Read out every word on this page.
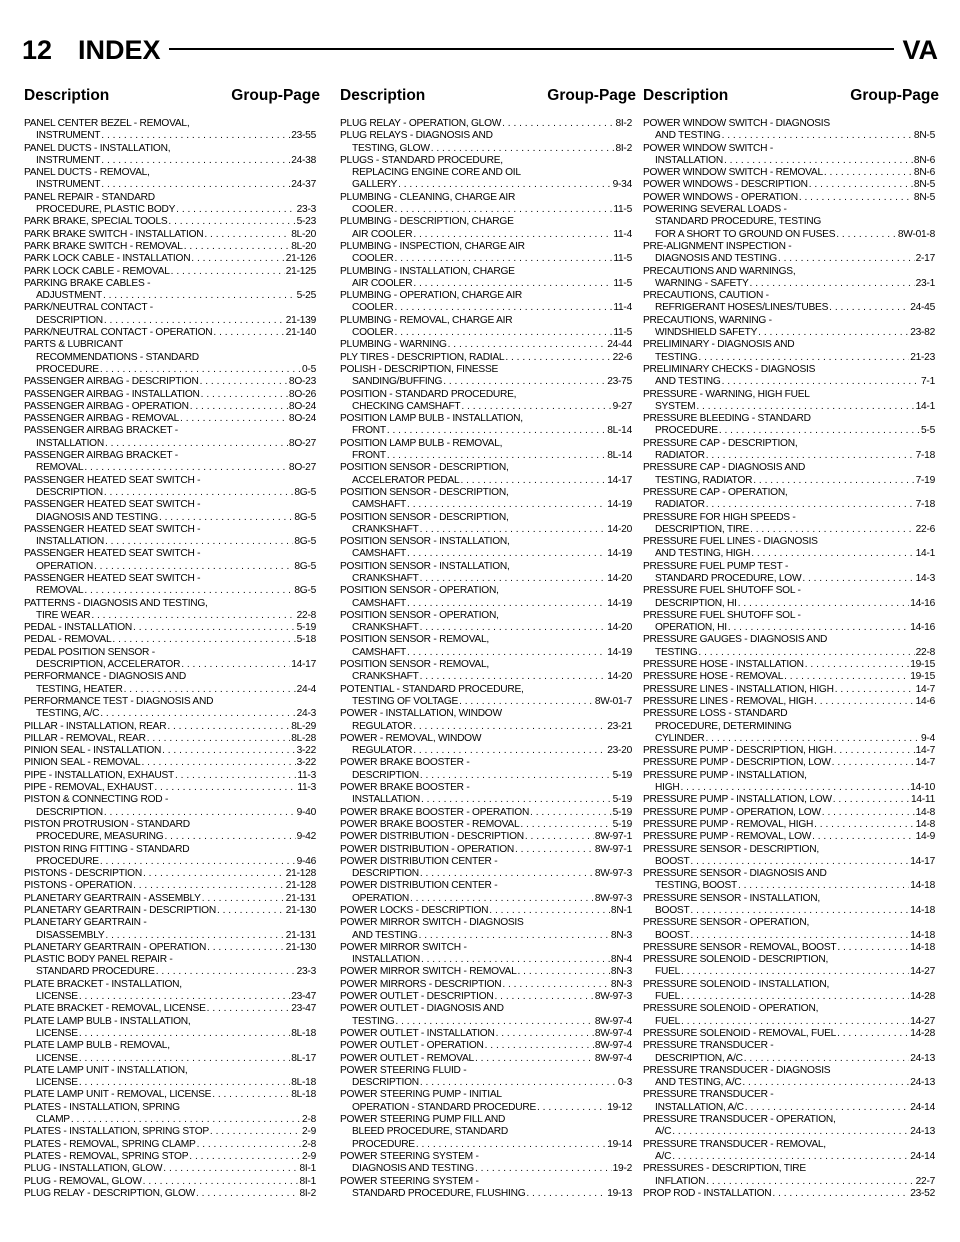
12 INDEX	VA
Description	Group-Page Description	Group-Page Description	Group-Page
PANEL CENTER BEZEL - REMOVAL,
INSTRUMENT . . .	23-55
PANEL DUCTS - INSTALLATION,
INSTRUMENT . . .	24-38
PANEL DUCTS - REMOVAL,
INSTRUMENT . . .	24-37
PANEL REPAIR - STANDARD
PROCEDURE, PLASTIC BODY . . .	23-3
PARK BRAKE, SPECIAL TOOLS . . .	5-23
PARK BRAKE SWITCH - INSTALLATION . . .	8L-20
PARK BRAKE SWITCH - REMOVAL . . .	8L-20
PARK LOCK CABLE - INSTALLATION . . .	21-126
PARK LOCK CABLE - REMOVAL . . .	21-125
PARKING BRAKE CABLES -
ADJUSTMENT . . .	5-25
PARK/NEUTRAL CONTACT -
DESCRIPTION . . .	21-139
PARK/NEUTRAL CONTACT - OPERATION . . .	21-140
PARTS & LUBRICANT
RECOMMENDATIONS - STANDARD
PROCEDURE . . .	0-5
PASSENGER AIRBAG - DESCRIPTION . . .	8O-23
PASSENGER AIRBAG - INSTALLATION . . .	8O-26
PASSENGER AIRBAG - OPERATION . . .	8O-24
PASSENGER AIRBAG - REMOVAL . . .	8O-24
PASSENGER AIRBAG BRACKET -
INSTALLATION . . .	8O-27
PASSENGER AIRBAG BRACKET -
REMOVAL . . .	8O-27
PASSENGER HEATED SEAT SWITCH -
DESCRIPTION . . .	8G-5
PASSENGER HEATED SEAT SWITCH -
DIAGNOSIS AND TESTING . . .	8G-5
PASSENGER HEATED SEAT SWITCH -
INSTALLATION . . .	8G-5
PASSENGER HEATED SEAT SWITCH -
OPERATION . . .	8G-5
PASSENGER HEATED SEAT SWITCH -
REMOVAL . . .	8G-5
PATTERNS - DIAGNOSIS AND TESTING,
TIRE WEAR . . .	22-8
PEDAL - INSTALLATION . . .	5-19
PEDAL - REMOVAL . . .	5-18
PEDAL POSITION SENSOR -
DESCRIPTION, ACCELERATOR . . .	14-17
PERFORMANCE - DIAGNOSIS AND
TESTING, HEATER . . .	24-4
PERFORMANCE TEST - DIAGNOSIS AND
TESTING, A/C . . .	24-3
PILLAR - INSTALLATION, REAR . . .	8L-29
PILLAR - REMOVAL, REAR . . .	8L-28
PINION SEAL - INSTALLATION . . .	3-22
PINION SEAL - REMOVAL . . .	3-22
PIPE - INSTALLATION, EXHAUST . . .	11-3
PIPE - REMOVAL, EXHAUST . . .	11-3
PISTON & CONNECTING ROD -
DESCRIPTION . . .	9-40
PISTON PROTRUSION - STANDARD
PROCEDURE, MEASURING . . .	9-42
PISTON RING FITTING - STANDARD
PROCEDURE . . .	9-46
PISTONS - DESCRIPTION . . .	21-128
PISTONS - OPERATION . . .	21-128
PLANETARY GEARTRAIN - ASSEMBLY . . .	21-131
PLANETARY GEARTRAIN - DESCRIPTION . . .	21-130
PLANETARY GEARTRAIN -
DISASSEMBLY . . .	21-131
PLANETARY GEARTRAIN - OPERATION . . .	21-130
PLASTIC BODY PANEL REPAIR -
STANDARD PROCEDURE . . .	23-3
PLATE BRACKET - INSTALLATION,
LICENSE . . .	23-47
PLATE BRACKET - REMOVAL, LICENSE . . .	23-47
PLATE LAMP BULB - INSTALLATION,
LICENSE . . .	8L-18
PLATE LAMP BULB - REMOVAL,
LICENSE . . .	8L-17
PLATE LAMP UNIT - INSTALLATION,
LICENSE . . .	8L-18
PLATE LAMP UNIT - REMOVAL, LICENSE . . .	8L-18
PLATES - INSTALLATION, SPRING
CLAMP . . .	2-8
PLATES - INSTALLATION, SPRING STOP . . .	2-9
PLATES - REMOVAL, SPRING CLAMP . . .	2-8
PLATES - REMOVAL, SPRING STOP . . .	2-9
PLUG - INSTALLATION, GLOW . . .	8I-1
PLUG - REMOVAL, GLOW . . .	8I-1
PLUG RELAY - DESCRIPTION, GLOW . . .	8I-2
PLUG RELAY - OPERATION, GLOW . . .	8I-2
PLUG RELAYS - DIAGNOSIS AND
TESTING, GLOW . . .	8I-2
PLUGS - STANDARD PROCEDURE,
REPLACING ENGINE CORE AND OIL
GALLERY . . .	9-34
PLUMBING - CLEANING, CHARGE AIR
COOLER . . .	11-5
PLUMBING - DESCRIPTION, CHARGE
AIR COOLER . . .	11-4
PLUMBING - INSPECTION, CHARGE AIR
COOLER . . .	11-5
PLUMBING - INSTALLATION, CHARGE
AIR COOLER . . .	11-5
PLUMBING - OPERATION, CHARGE AIR
COOLER . . .	11-4
PLUMBING - REMOVAL, CHARGE AIR
COOLER . . .	11-5
PLUMBING - WARNING . . .	24-44
PLY TIRES - DESCRIPTION, RADIAL . . .	22-6
POLISH - DESCRIPTION, FINESSE
SANDING/BUFFING . . .	23-75
POSITION - STANDARD PROCEDURE,
CHECKING CAMSHAFT . . .	9-27
POSITION LAMP BULB - INSTALLATION,
FRONT . . .	8L-14
POSITION LAMP BULB - REMOVAL,
FRONT . . .	8L-14
POSITION SENSOR - DESCRIPTION,
ACCELERATOR PEDAL . . .	14-17
POSITION SENSOR - DESCRIPTION,
CAMSHAFT . . .	14-19
POSITION SENSOR - DESCRIPTION,
CRANKSHAFT . . .	14-20
POSITION SENSOR - INSTALLATION,
CAMSHAFT . . .	14-19
POSITION SENSOR - INSTALLATION,
CRANKSHAFT . . .	14-20
POSITION SENSOR - OPERATION,
CAMSHAFT . . .	14-19
POSITION SENSOR - OPERATION,
CRANKSHAFT . . .	14-20
POSITION SENSOR - REMOVAL,
CAMSHAFT . . .	14-19
POSITION SENSOR - REMOVAL,
CRANKSHAFT . . .	14-20
POTENTIAL - STANDARD PROCEDURE,
TESTING OF VOLTAGE . . .	8W-01-7
POWER - INSTALLATION, WINDOW
REGULATOR . . .	23-21
POWER - REMOVAL, WINDOW
REGULATOR . . .	23-20
POWER BRAKE BOOSTER -
DESCRIPTION . . .	5-19
POWER BRAKE BOOSTER -
INSTALLATION . . .	5-19
POWER BRAKE BOOSTER - OPERATION . . .	5-19
POWER BRAKE BOOSTER - REMOVAL . . .	5-19
POWER DISTRIBUTION - DESCRIPTION . . .	8W-97-1
POWER DISTRIBUTION - OPERATION . . .	8W-97-1
POWER DISTRIBUTION CENTER -
DESCRIPTION . . .	8W-97-3
POWER DISTRIBUTION CENTER -
OPERATION . . .	8W-97-3
POWER LOCKS - DESCRIPTION . . .	8N-1
POWER MIRROR SWITCH - DIAGNOSIS
AND TESTING . . .	8N-3
POWER MIRROR SWITCH -
INSTALLATION . . .	8N-4
POWER MIRROR SWITCH - REMOVAL . . .	8N-3
POWER MIRRORS - DESCRIPTION . . .	8N-3
POWER OUTLET - DESCRIPTION . . .	8W-97-3
POWER OUTLET - DIAGNOSIS AND
TESTING . . .	8W-97-4
POWER OUTLET - INSTALLATION . . .	8W-97-4
POWER OUTLET - OPERATION . . .	8W-97-4
POWER OUTLET - REMOVAL . . .	8W-97-4
POWER STEERING FLUID -
DESCRIPTION . . .	0-3
POWER STEERING PUMP - INITIAL
OPERATION - STANDARD PROCEDURE . . .	19-12
POWER STEERING PUMP FILL AND
BLEED PROCEDURE, STANDARD
PROCEDURE . . .	19-14
POWER STEERING SYSTEM -
DIAGNOSIS AND TESTING . . .	19-2
POWER STEERING SYSTEM -
STANDARD PROCEDURE, FLUSHING . . .	19-13
POWER WINDOW SWITCH - DIAGNOSIS
AND TESTING . . .	8N-5
POWER WINDOW SWITCH -
INSTALLATION . . .	8N-6
POWER WINDOW SWITCH - REMOVAL . . .	8N-6
POWER WINDOWS - DESCRIPTION . . .	8N-5
POWER WINDOWS - OPERATION . . .	8N-5
POWERING SEVERAL LOADS -
STANDARD PROCEDURE, TESTING
FOR A SHORT TO GROUND ON FUSES . . .	8W-01-8
PRE-ALIGNMENT INSPECTION -
DIAGNOSIS AND TESTING . . .	2-17
PRECAUTIONS AND WARNINGS,
WARNING - SAFETY . . .	23-1
PRECAUTIONS, CAUTION -
REFRIGERANT HOSES/LINES/TUBES . . .	24-45
PRECAUTIONS, WARNING -
WINDSHIELD SAFETY . . .	23-82
PRELIMINARY - DIAGNOSIS AND
TESTING . . .	21-23
PRELIMINARY CHECKS - DIAGNOSIS
AND TESTING . . .	7-1
PRESSURE - WARNING, HIGH FUEL
SYSTEM . . .	14-1
PRESSURE BLEEDING - STANDARD
PROCEDURE . . .	5-5
PRESSURE CAP - DESCRIPTION,
RADIATOR . . .	7-18
PRESSURE CAP - DIAGNOSIS AND
TESTING, RADIATOR . . .	7-19
PRESSURE CAP - OPERATION,
RADIATOR . . .	7-18
PRESSURE FOR HIGH SPEEDS -
DESCRIPTION, TIRE . . .	22-6
PRESSURE FUEL LINES - DIAGNOSIS
AND TESTING, HIGH . . .	14-1
PRESSURE FUEL PUMP TEST -
STANDARD PROCEDURE, LOW . . .	14-3
PRESSURE FUEL SHUTOFF SOL -
DESCRIPTION, HI . . .	14-16
PRESSURE FUEL SHUTOFF SOL -
OPERATION, HI . . .	14-16
PRESSURE GAUGES - DIAGNOSIS AND
TESTING . . .	22-8
PRESSURE HOSE - INSTALLATION . . .	19-15
PRESSURE HOSE - REMOVAL . . .	19-15
PRESSURE LINES - INSTALLATION, HIGH . . .	14-7
PRESSURE LINES - REMOVAL, HIGH . . .	14-6
PRESSURE LOSS - STANDARD
PROCEDURE, DETERMINING
CYLINDER . . .	9-4
PRESSURE PUMP - DESCRIPTION, HIGH . . .	14-7
PRESSURE PUMP - DESCRIPTION, LOW . . .	14-7
PRESSURE PUMP - INSTALLATION,
HIGH . . .	14-10
PRESSURE PUMP - INSTALLATION, LOW . . .	14-11
PRESSURE PUMP - OPERATION, LOW . . .	14-8
PRESSURE PUMP - REMOVAL, HIGH . . .	14-8
PRESSURE PUMP - REMOVAL, LOW . . .	14-9
PRESSURE SENSOR - DESCRIPTION,
BOOST . . .	14-17
PRESSURE SENSOR - DIAGNOSIS AND
TESTING, BOOST . . .	14-18
PRESSURE SENSOR - INSTALLATION,
BOOST . . .	14-18
PRESSURE SENSOR - OPERATION,
BOOST . . .	14-18
PRESSURE SENSOR - REMOVAL, BOOST . . .	14-18
PRESSURE SOLENOID - DESCRIPTION,
FUEL . . .	14-27
PRESSURE SOLENOID - INSTALLATION,
FUEL . . .	14-28
PRESSURE SOLENOID - OPERATION,
FUEL . . .	14-27
PRESSURE SOLENOID - REMOVAL, FUEL . . .	14-28
PRESSURE TRANSDUCER -
DESCRIPTION, A/C . . .	24-13
PRESSURE TRANSDUCER - DIAGNOSIS
AND TESTING, A/C . . .	24-13
PRESSURE TRANSDUCER -
INSTALLATION, A/C . . .	24-14
PRESSURE TRANSDUCER - OPERATION,
A/C . . .	24-13
PRESSURE TRANSDUCER - REMOVAL,
A/C . . .	24-14
PRESSURES - DESCRIPTION, TIRE
INFLATION . . .	22-7
PROP ROD - INSTALLATION . . .	23-52
